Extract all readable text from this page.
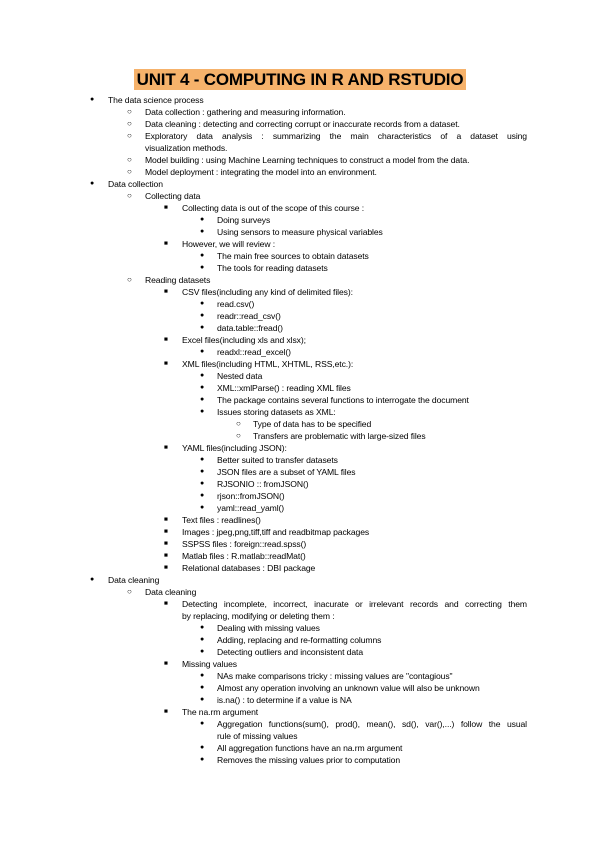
UNIT 4 - COMPUTING IN R AND RSTUDIO
● The data science process
○ Data collection : gathering and measuring information.
○ Data cleaning : detecting and correcting corrupt or inaccurate records from a dataset.
○ Exploratory data analysis : summarizing the main characteristics of a dataset using
visualization methods.
○ Model building : using Machine Learning techniques to construct a model from the data.
○ Model deployment : integrating the model into an environment.
● Data collection
○ Collecting data
■ Collecting data is out of the scope of this course :
● Doing surveys
● Using sensors to measure physical variables
■ However, we will review :
● The main free sources to obtain datasets
● The tools for reading datasets
○ Reading datasets
■ CSV files(including any kind of delimited files):
● read.csv()
● readr::read_csv()
● data.table::fread()
■ Excel files(including xls and xlsx);
● readxl::read_excel()
■ XML files(including HTML, XHTML, RSS,etc.):
● Nested data
● XML::xmlParse() : reading XML files
● The package contains several functions to interrogate the document
● Issues storing datasets as XML:
○ Type of data has to be specified
○ Transfers are problematic with large-sized files
■ YAML files(including JSON):
● Better suited to transfer datasets
● JSON files are a subset of YAML files
● RJSONIO :: fromJSON()
● rjson::fromJSON()
● yaml::read_yaml()
■ Text files : readlines()
■ Images : jpeg,png,tiff,tiff and readbitmap packages
■ SSPSS files : foreign::read.spss()
■ Matlab files : R.matlab::readMat()
■ Relational databases : DBI package
● Data cleaning
○ Data cleaning
■ Detecting incomplete, incorrect, inacurate or irrelevant records and correcting them
by replacing, modifying or deleting them :
● Dealing with missing values
● Adding, replacing and re-formatting columns
● Detecting outliers and inconsistent data
■ Missing values
● NAs make comparisons tricky : missing values are "contagious"
● Almost any operation involving an unknown value will also be unknown
● is.na() : to determine if a value is NA
■ The na.rm argument
● Aggregation functions(sum(), prod(), mean(), sd(), var(),...) follow the usual
rule of missing values
● All aggregation functions have an na.rm argument
● Removes the missing values prior to computation
